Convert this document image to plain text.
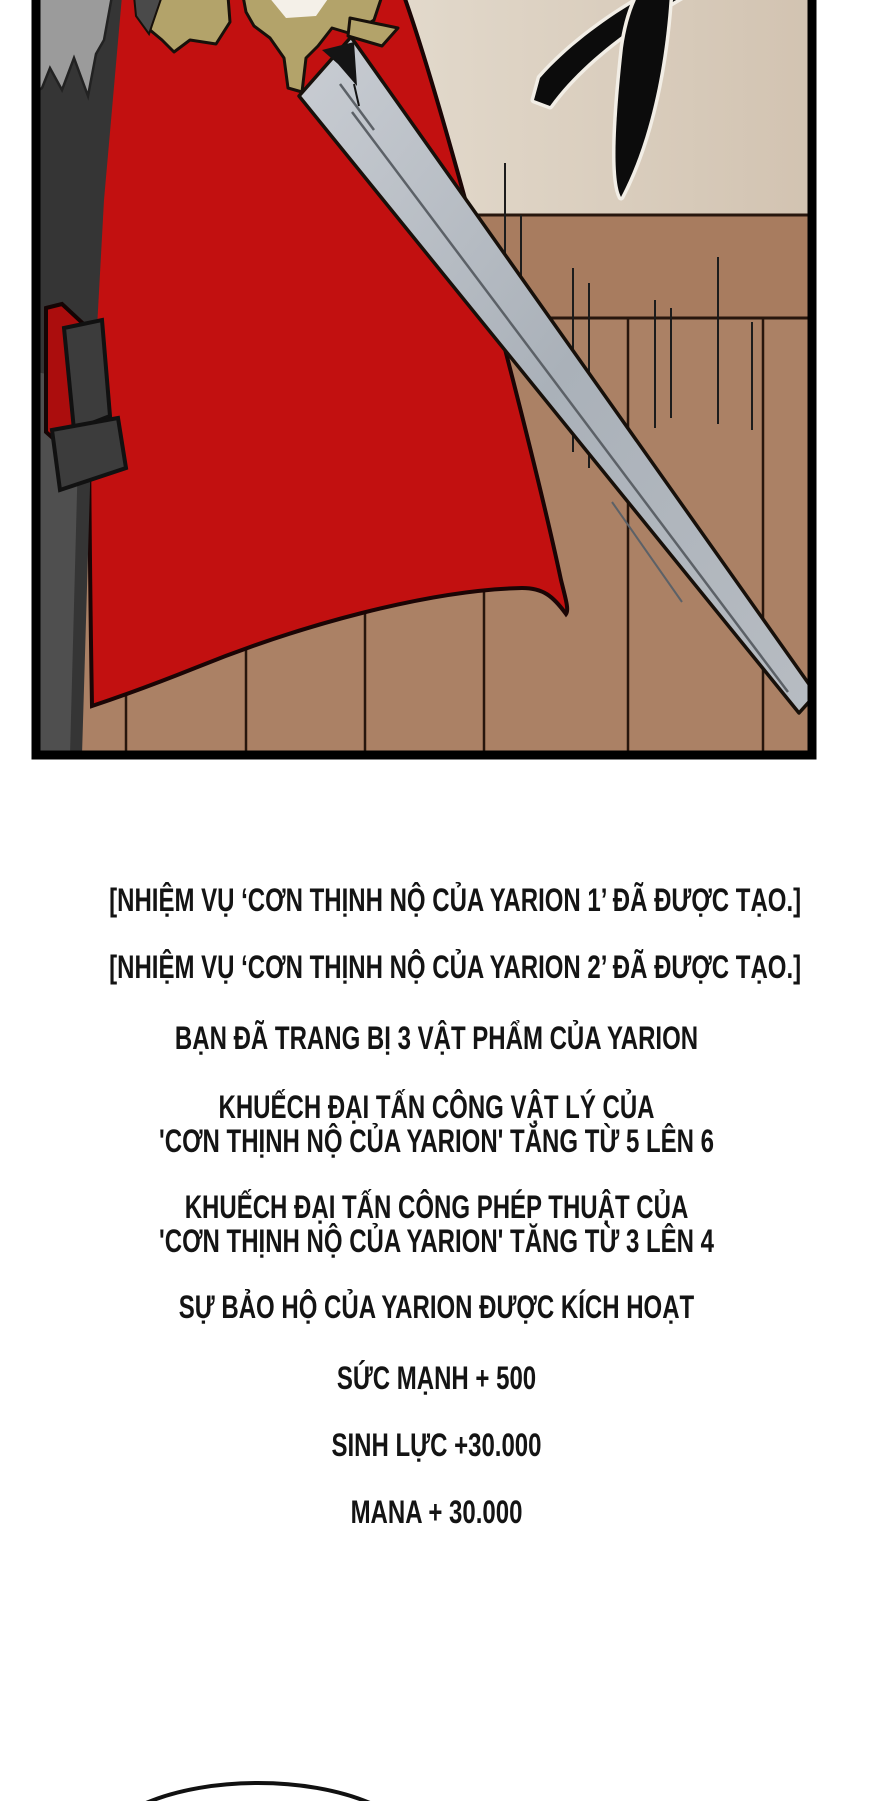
[NHIỆM VỤ ‘CƠN THỊNH NỘ CỦA YARION 1’ ĐÃ ĐƯỢC TẠO.]
[NHIỆM VỤ ‘CƠN THỊNH NỘ CỦA YARION 2’ ĐÃ ĐƯỢC TẠO.]
BẠN ĐÃ TRANG BỊ 3 VẬT PHẨM CỦA YARION
KHUẾCH ĐẠI TẤN CÔNG VẬT LÝ CỦA
'CƠN THỊNH NỘ CỦA YARION' TĂNG TỪ 5 LÊN 6
KHUẾCH ĐẠI TẤN CÔNG PHÉP THUẬT CỦA
'CƠN THỊNH NỘ CỦA YARION' TĂNG TỪ 3 LÊN 4
SỰ BẢO HỘ CỦA YARION ĐƯỢC KÍCH HOẠT
SỨC MẠNH + 500
SINH LỰC +30.000
MANA + 30.000
